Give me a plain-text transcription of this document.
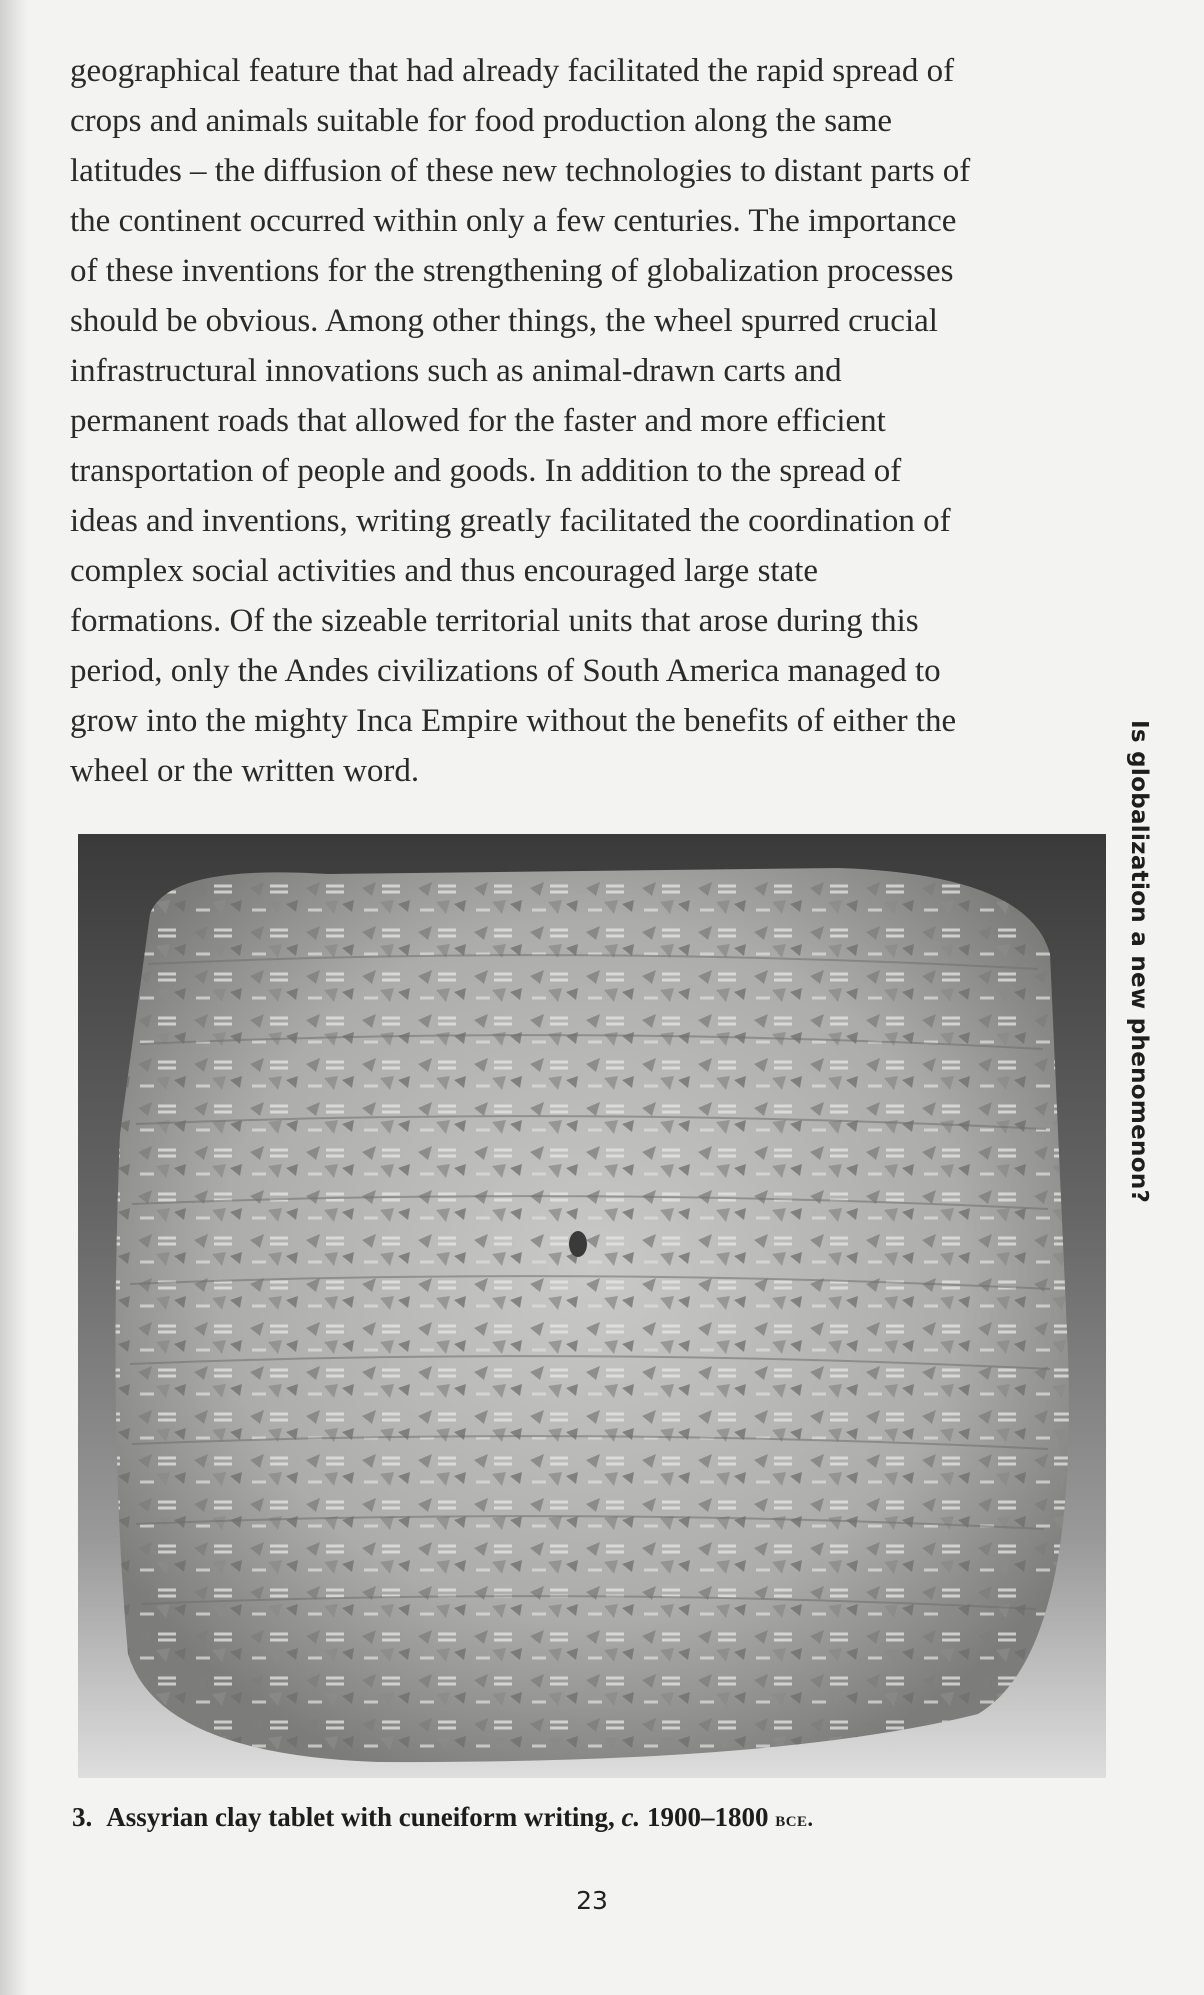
geographical feature that had already facilitated the rapid spread of
crops and animals suitable for food production along the same
latitudes – the diffusion of these new technologies to distant parts of
the continent occurred within only a few centuries. The importance
of these inventions for the strengthening of globalization processes
should be obvious. Among other things, the wheel spurred crucial
infrastructural innovations such as animal-drawn carts and
permanent roads that allowed for the faster and more efficient
transportation of people and goods. In addition to the spread of
ideas and inventions, writing greatly facilitated the coordination of
complex social activities and thus encouraged large state
formations. Of the sizeable territorial units that arose during this
period, only the Andes civilizations of South America managed to
grow into the mighty Inca Empire without the benefits of either the
wheel or the written word.	Is globalization a new phenomenon?
3. Assyrian clay tablet with cuneiform writing, c. 1900–1800 bce.
23
